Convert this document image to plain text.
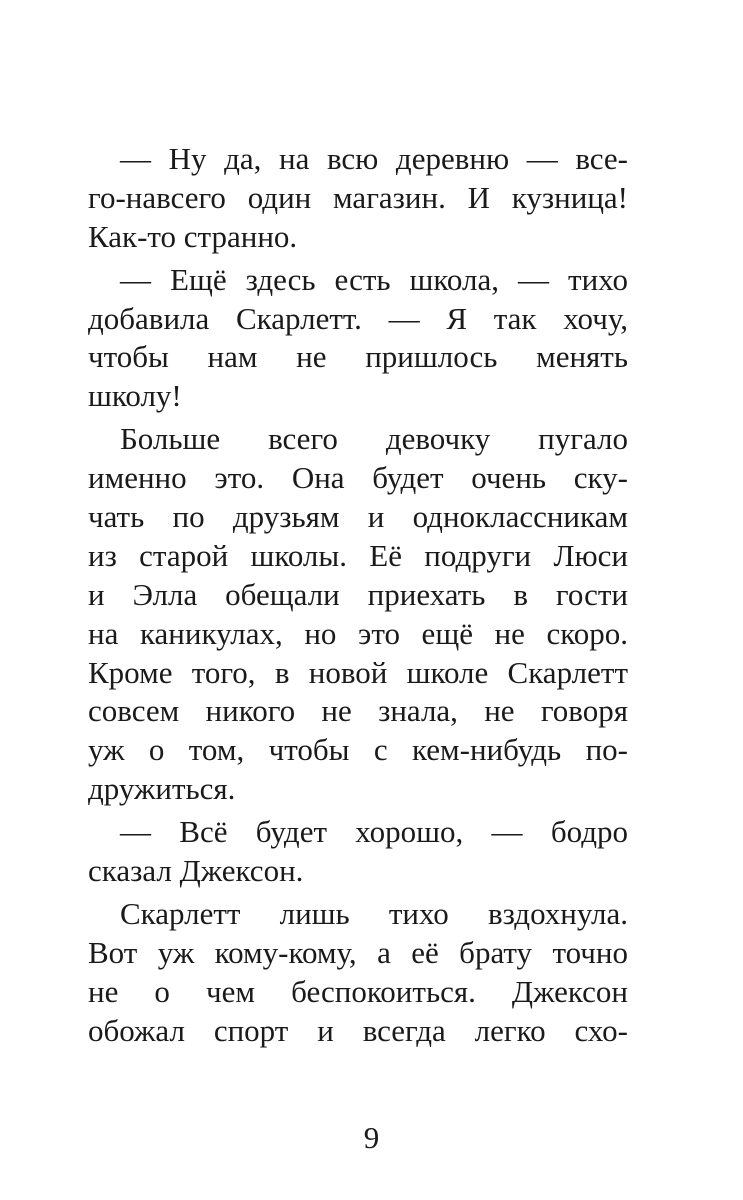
— Ну да, на всю деревню — все-
го-навсего один магазин. И кузница!
Как-то странно.

— Ещё здесь есть школа, — тихо
добавила Скарлетт. — Я так хочу,
чтобы нам не пришлось менять
школу!

Больше всего девочку пугало
именно это. Она будет очень ску-
чать по друзьям и одноклассникам
из старой школы. Её подруги Люси
и Элла обещали приехать в гости
на каникулах, но это ещё не скоро.
Кроме того, в новой школе Скарлетт
совсем никого не знала, не говоря
уж о том, чтобы с кем-нибудь по-
дружиться.

— Всё будет хорошо, — бодро
сказал Джексон.

Скарлетт лишь тихо вздохнула.
Вот уж кому-кому, а её брату точно
не о чем беспокоиться. Джексон
обожал спорт и всегда легко схо-

9
